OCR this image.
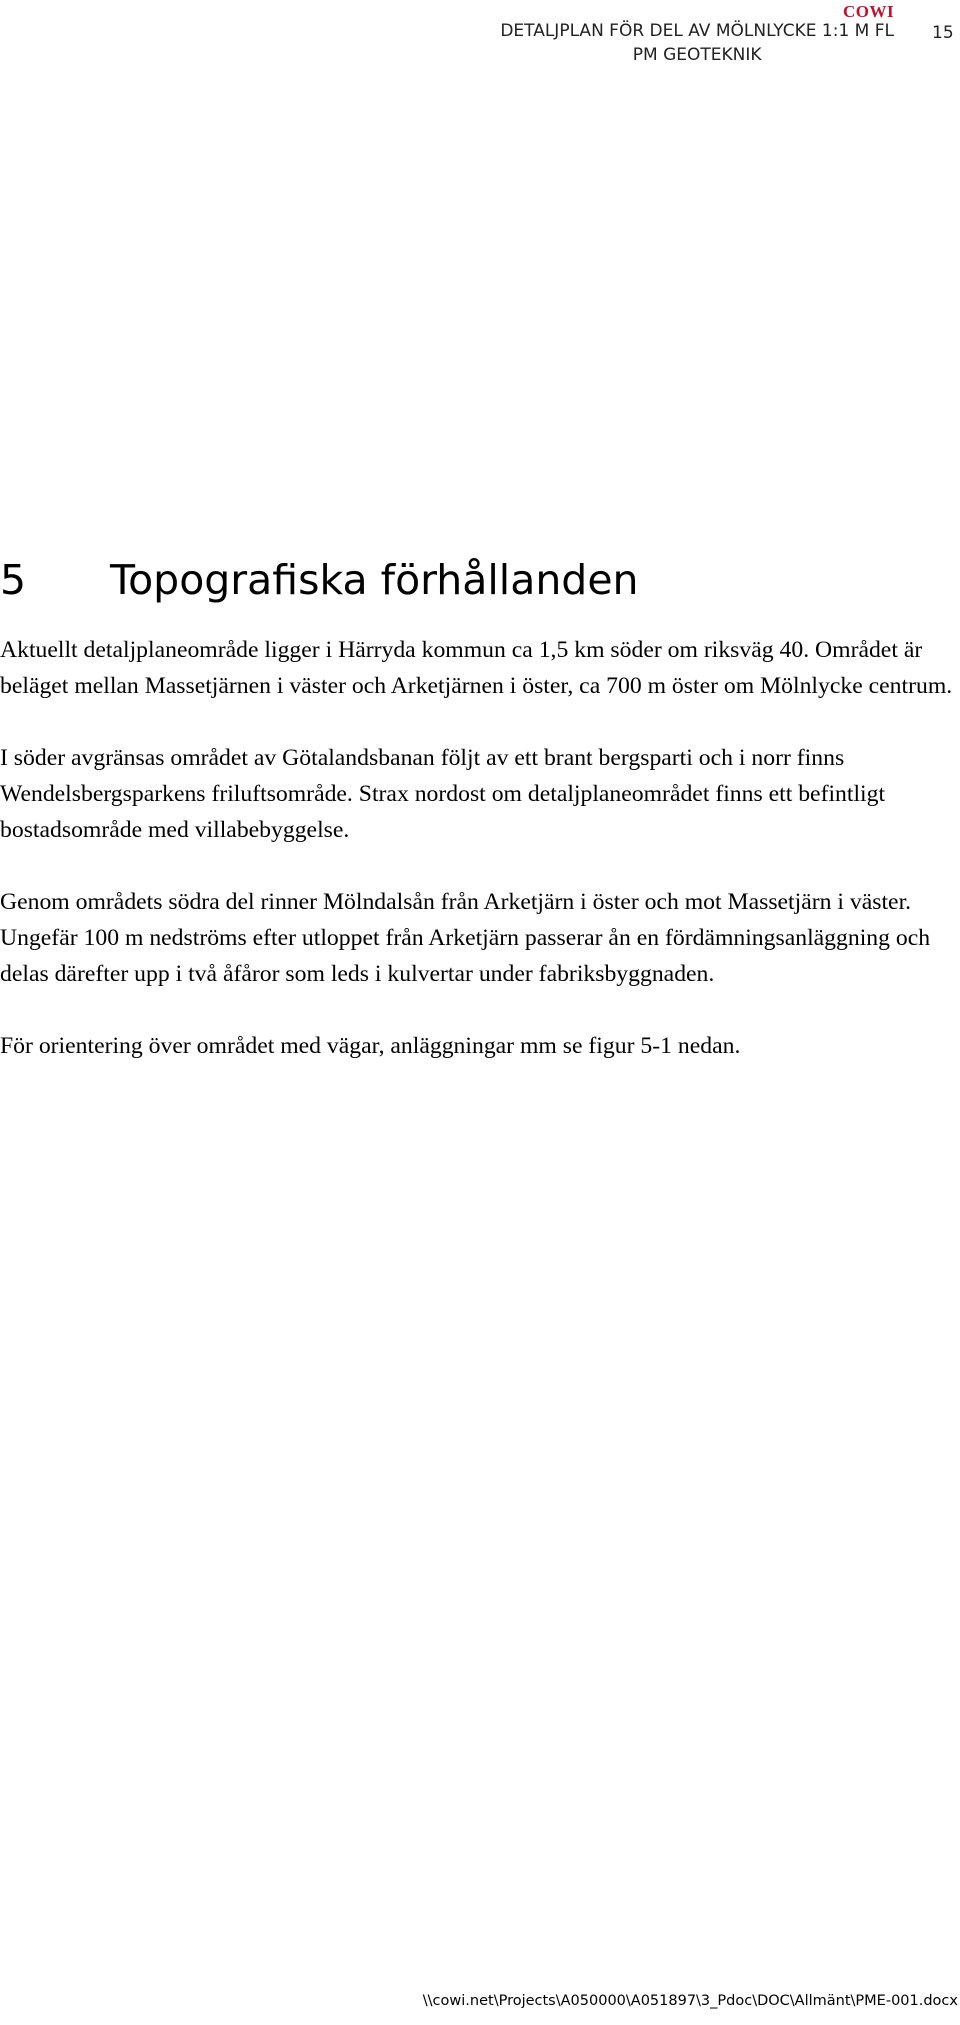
COWI
DETALJPLAN FÖR DEL AV MÖLNLYCKE 1:1 M FL
PM GEOTEKNIK
15
5 Topografiska förhållanden

Aktuellt detaljplaneområde ligger i Härryda kommun ca 1,5 km söder om riksväg 40. Området är beläget mellan Massetjärnen i väster och Arketjärnen i öster, ca 700 m öster om Mölnlycke centrum.

I söder avgränsas området av Götalandsbanan följt av ett brant bergsparti och i norr finns Wendelsbergsparkens friluftsområde. Strax nordost om detaljplaneområdet finns ett befintligt bostadsområde med villabebyggelse.

Genom områdets södra del rinner Mölndalsån från Arketjärn i öster och mot Massetjärn i väster. Ungefär 100 m nedströms efter utloppet från Arketjärn passerar ån en fördämningsanläggning och delas därefter upp i två åfåror som leds i kulvertar under fabriksbyggnaden.

För orientering över området med vägar, anläggningar mm se figur 5-1 nedan.

\\cowi.net\Projects\A050000\A051897\3_Pdoc\DOC\Allmänt\PME-001.docx
